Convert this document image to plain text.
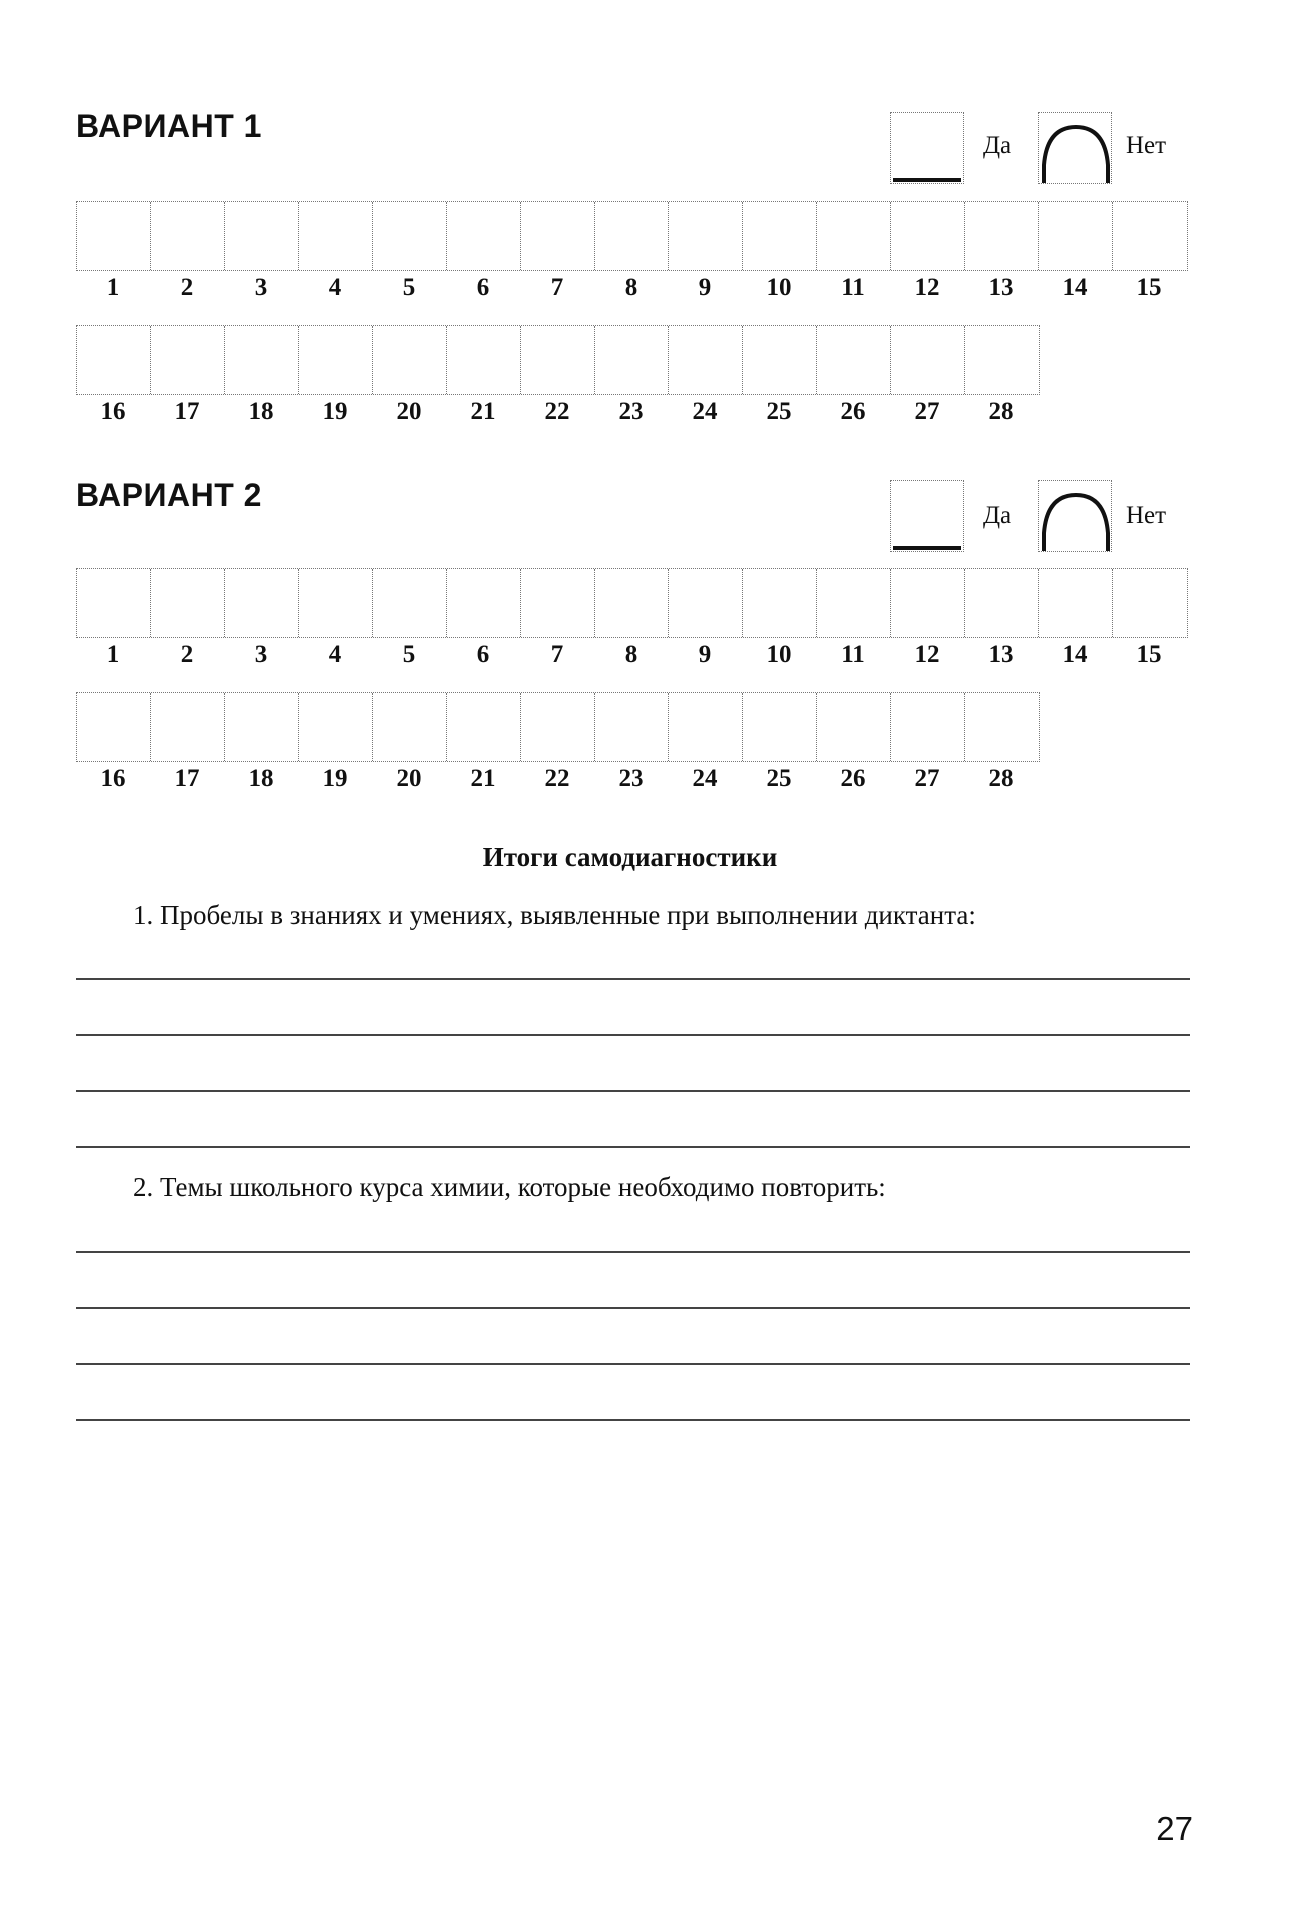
ВАРИАНТ 1
Да	Нет
1	2	3	4	5	6	7	8	9	10	11	12	13	14	15
16	17	18	19	20	21	22	23	24	25	26	27	28
ВАРИАНТ 2
Да	Нет
1	2	3	4	5	6	7	8	9	10	11	12	13	14	15
16	17	18	19	20	21	22	23	24	25	26	27	28
Итоги самодиагностики
1. Пробелы в знаниях и умениях, выявленные при выполнении диктанта:
2. Темы школьного курса химии, которые необходимо повторить:
27
